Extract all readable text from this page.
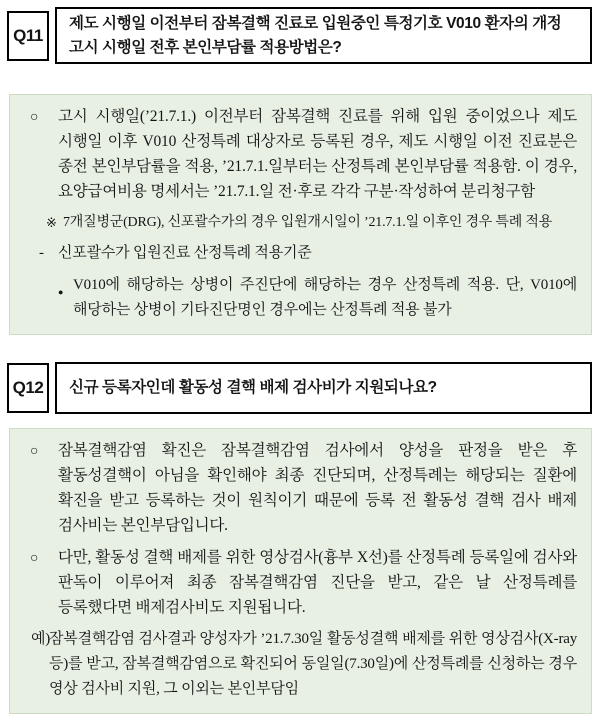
Q11
제도 시행일 이전부터 잠복결핵 진료로 입원중인 특정기호 V010 환자의 개정 고시 시행일 전후 본인부담률 적용방법은?
○ 고시 시행일(’21.7.1.) 이전부터 잠복결핵 진료를 위해 입원 중이었으나 제도 시행일 이후 V010 산정특례 대상자로 등록된 경우, 제도 시행일 이전 진료분은 종전 본인부담률을 적용, ’21.7.1.일부터는 산정특례 본인부담률 적용함. 이 경우, 요양급여비용 명세서는 ’21.7.1.일 전·후로 각각 구분·작성하여 분리청구함
※ 7개질병군(DRG), 신포괄수가의 경우 입원개시일이 ’21.7.1.일 이후인 경우 특례 적용
- 신포괄수가 입원진료 산정특례 적용기준
● V010에 해당하는 상병이 주진단에 해당하는 경우 산정특례 적용. 단, V010에 해당하는 상병이 기타진단명인 경우에는 산정특례 적용 불가
Q12 신규 등록자인데 활동성 결핵 배제 검사비가 지원되나요?
○ 잠복결핵감염 확진은 잠복결핵감염 검사에서 양성을 판정을 받은 후 활동성결핵이 아님을 확인해야 최종 진단되며, 산정특례는 해당되는 질환에 확진을 받고 등록하는 것이 원칙이기 때문에 등록 전 활동성 결핵 검사 배제 검사비는 본인부담입니다.
○ 다만, 활동성 결핵 배제를 위한 영상검사(흉부 X선)를 산정특례 등록일에 검사와 판독이 이루어져 최종 잠복결핵감염 진단을 받고, 같은 날 산정특례를 등록했다면 배제검사비도 지원됩니다.
예)
잠복결핵감염 검사결과 양성자가 ’21.7.30일 활동성결핵 배제를 위한 영상검사(X-ray 등)를 받고, 잠복결핵감염으로 확진되어 동일일(7.30일)에 산정특례를 신청하는 경우 영상 검사비 지원, 그 이외는 본인부담임
